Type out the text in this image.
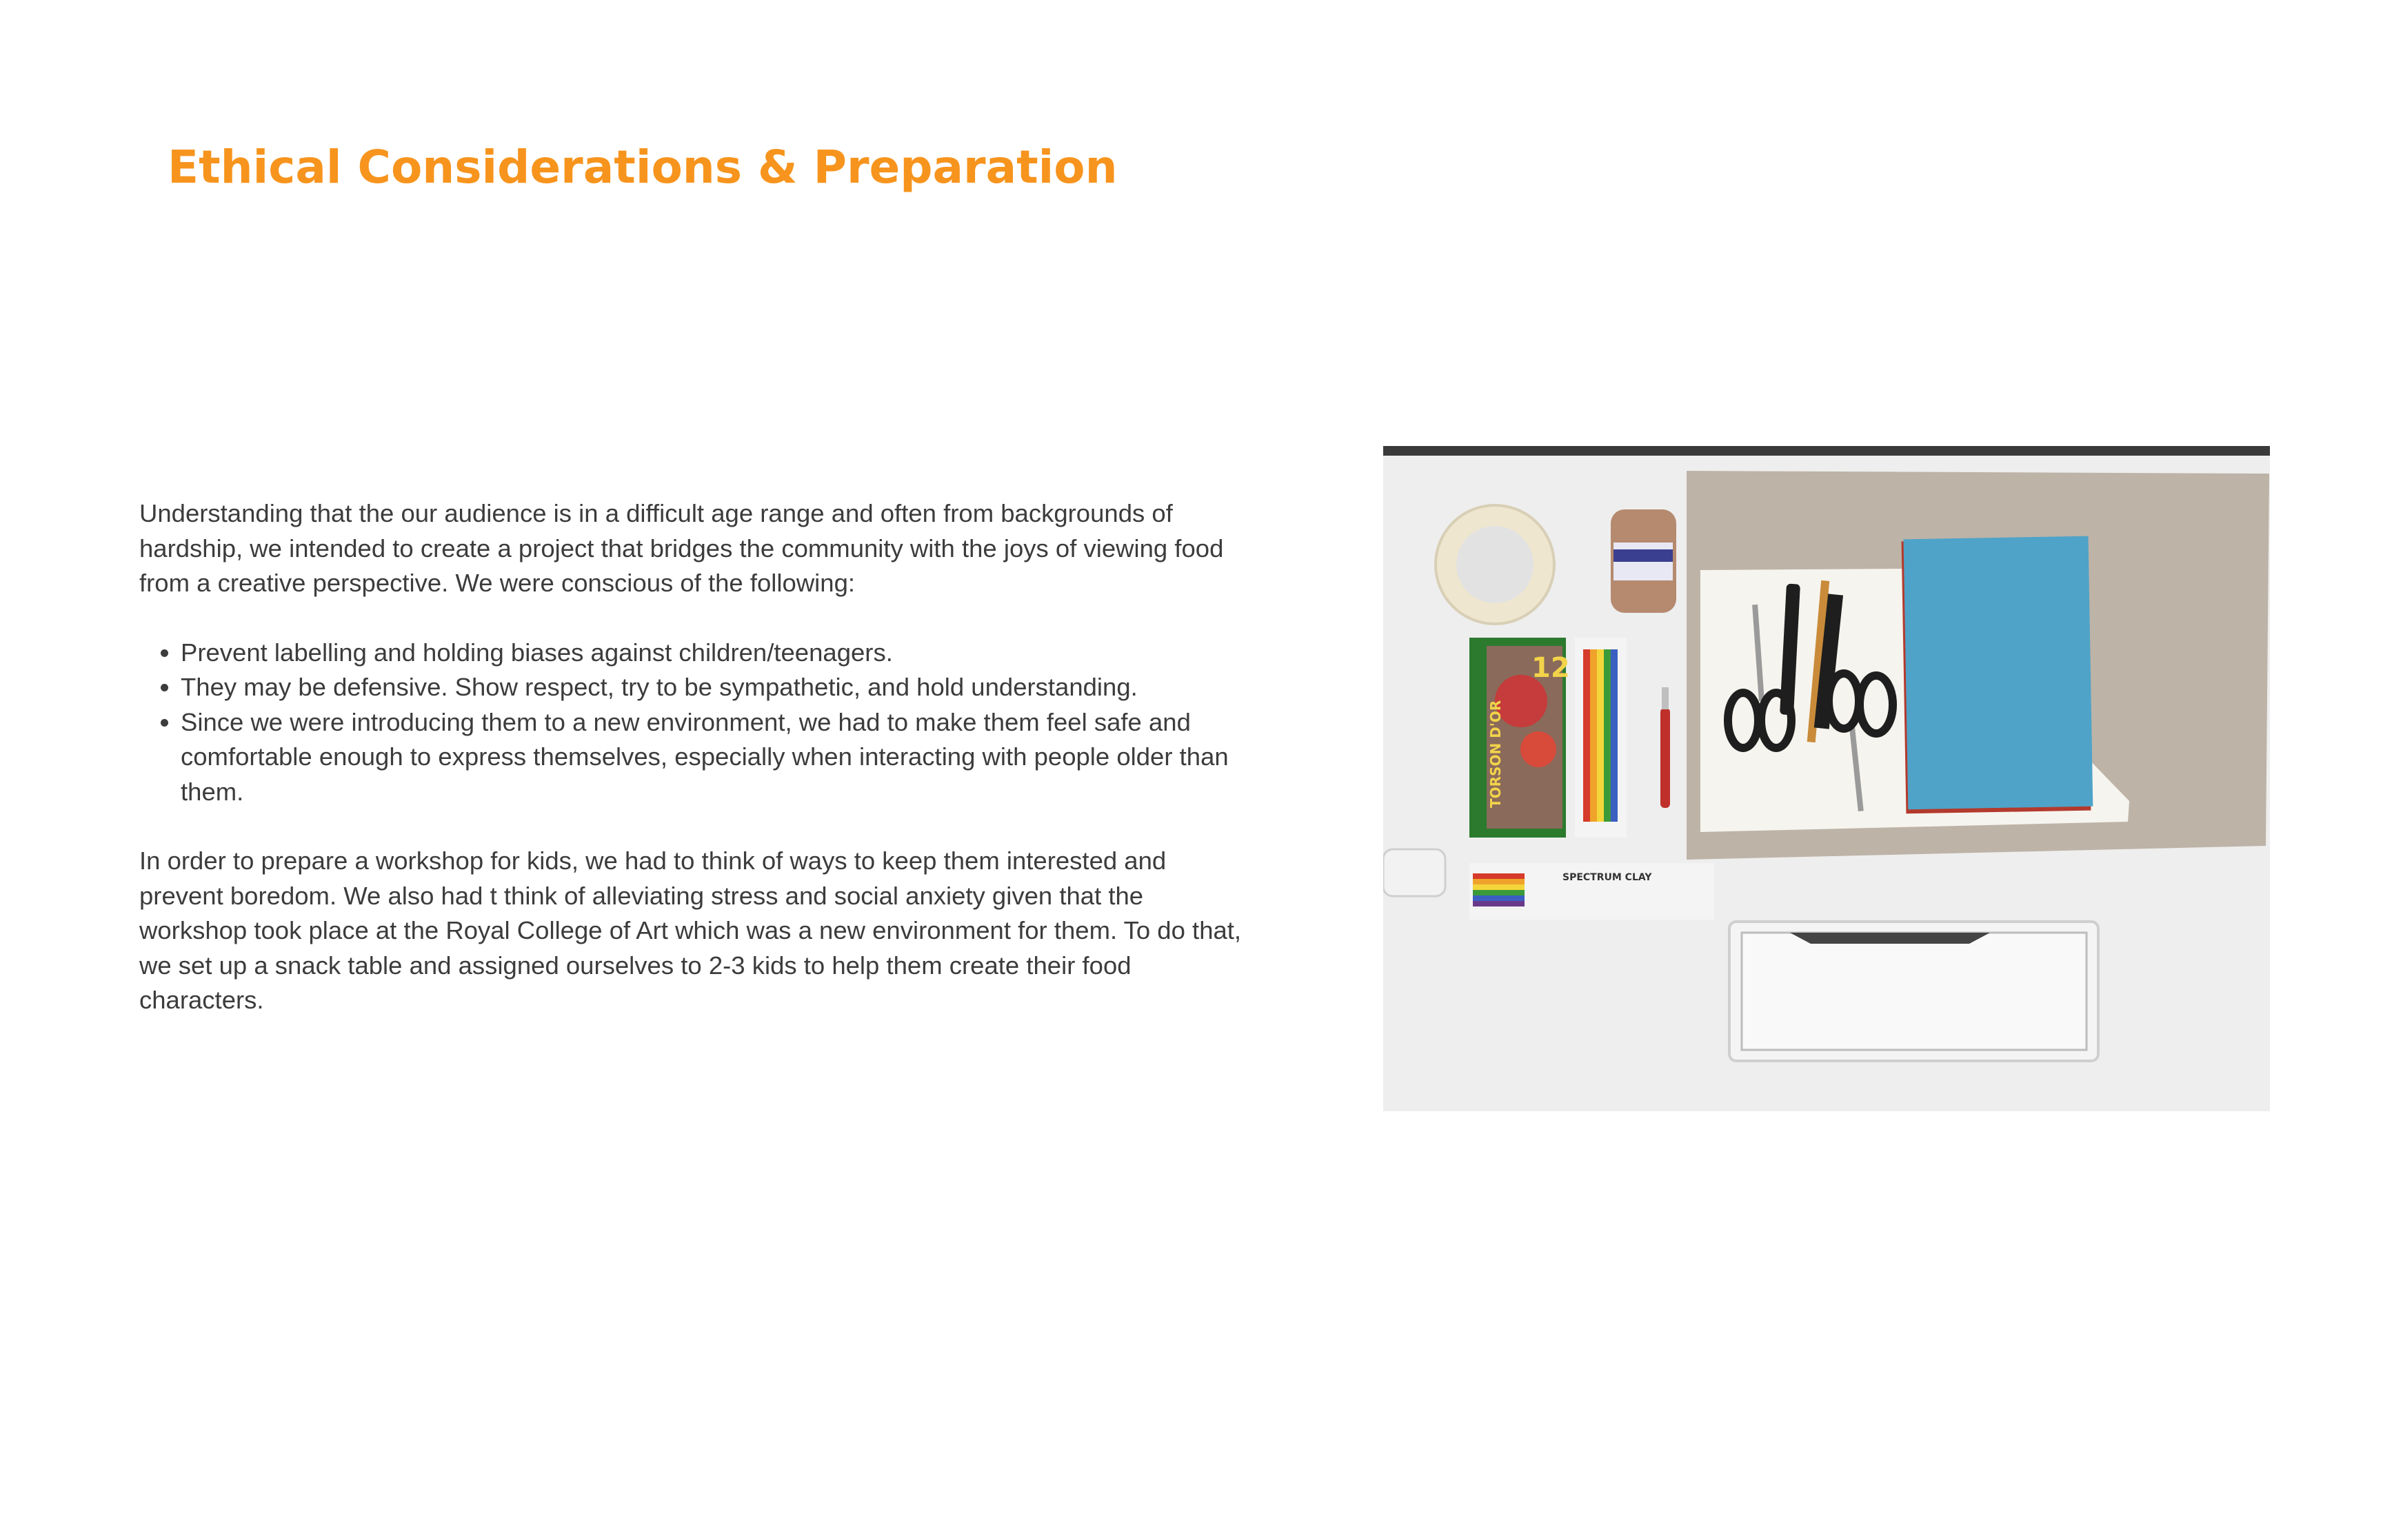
Ethical Considerations & Preparation

Understanding that the our audience is in a difficult age range and often from backgrounds of hardship, we intended to create a project that bridges the community with the joys of viewing food from a creative perspective. We were conscious of the following:

• Prevent labelling and holding biases against children/teenagers.
• They may be defensive. Show respect, try to be sympathetic, and hold understanding.
• Since we were introducing them to a new environment, we had to make them feel safe and comfortable enough to express themselves, especially when interacting with people older than them.

In order to prepare a workshop for kids, we had to think of ways to keep them interested and prevent boredom. We also had t think of alleviating stress and social anxiety given that the workshop took place at the Royal College of Art which was a new environment for them. To do that, we set up a snack table and assigned ourselves to 2-3 kids to help them create their food characters.

TORSON D'OR
12
SPECTRUM CLAY
